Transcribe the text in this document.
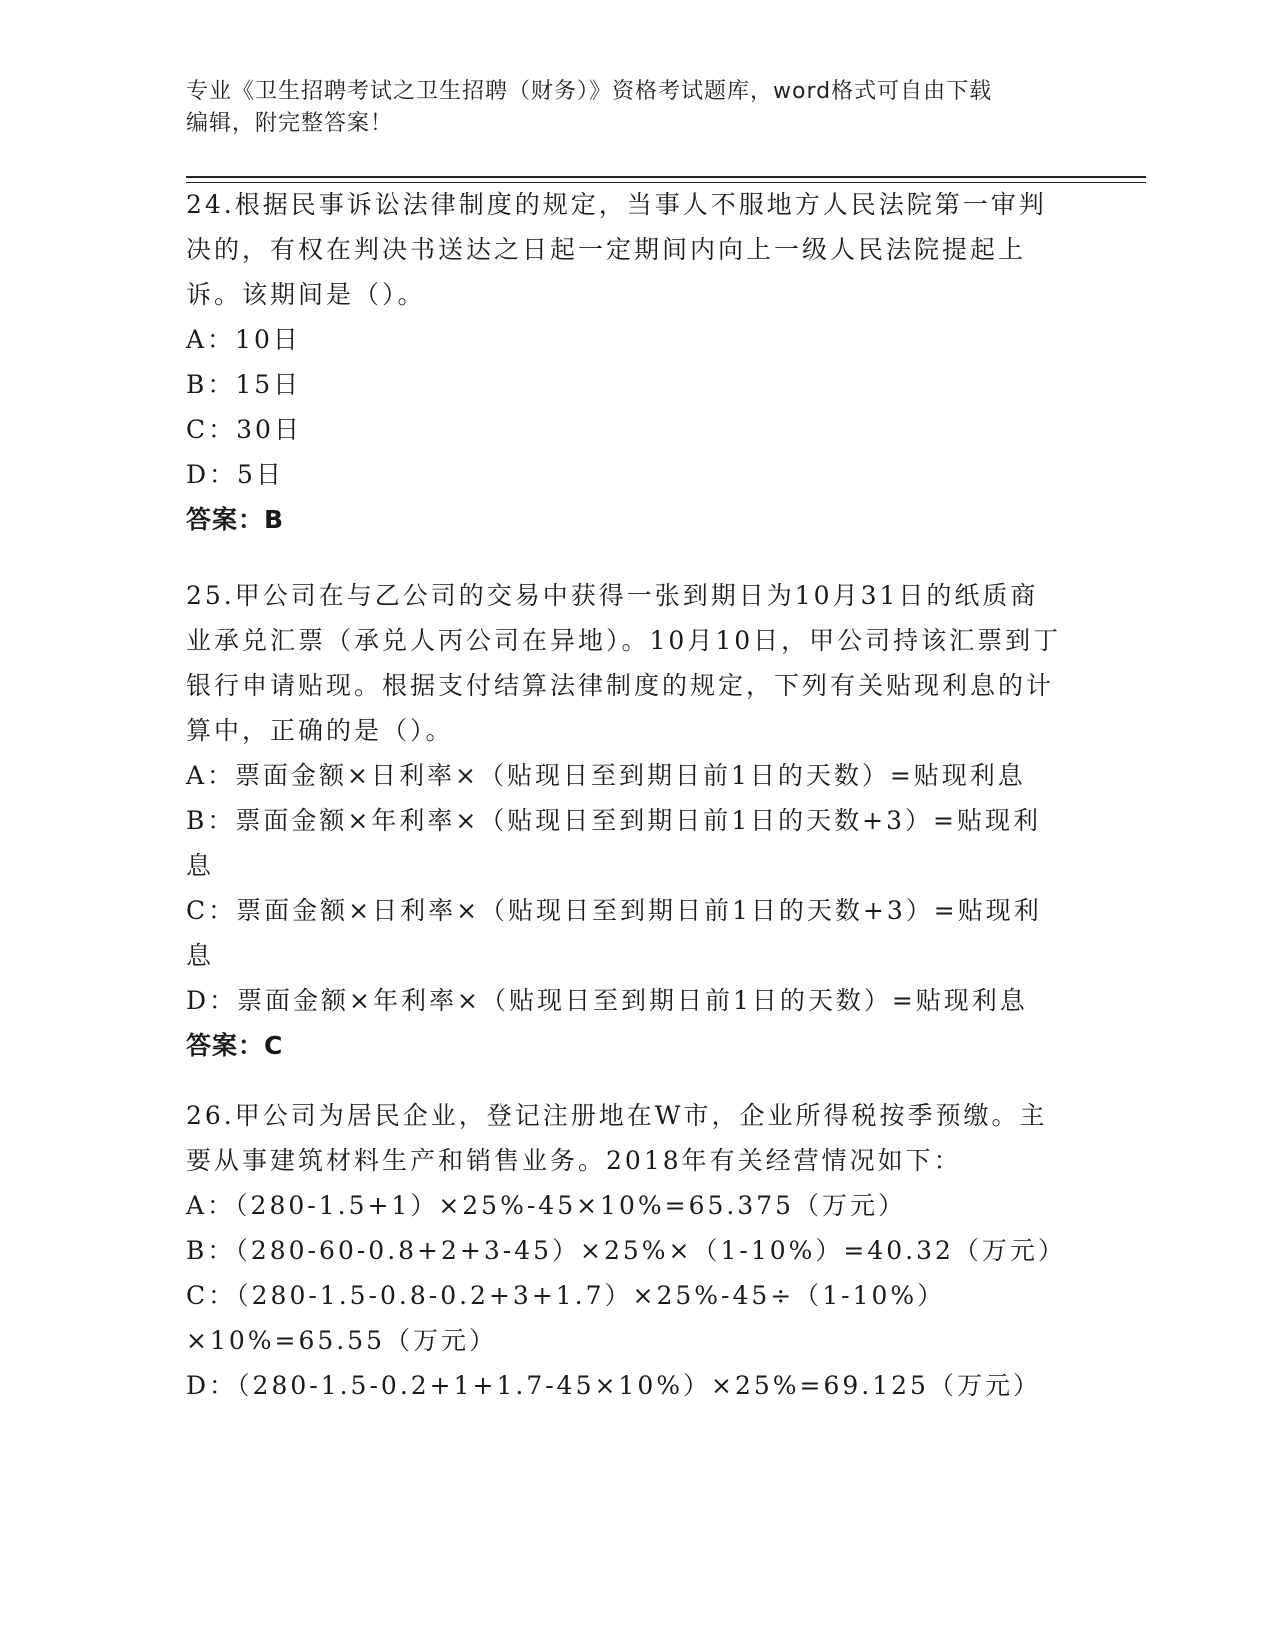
专业《卫生招聘考试之卫生招聘（财务）》资格考试题库，word格式可自由下载
编辑，附完整答案！

24.根据民事诉讼法律制度的规定，当事人不服地方人民法院第一审判决的，有权在判决书送达之日起一定期间内向上一级人民法院提起上诉。该期间是（）。

A：10日

B：15日

C：30日

D：5日

答案：B

25.甲公司在与乙公司的交易中获得一张到期日为10月31日的纸质商业承兑汇票（承兑人丙公司在异地）。10月10日，甲公司持该汇票到丁银行申请贴现。根据支付结算法律制度的规定，下列有关贴现利息的计算中，正确的是（）。

A：票面金额×日利率×（贴现日至到期日前1日的天数）=贴现利息

B：票面金额×年利率×（贴现日至到期日前1日的天数+3）=贴现利息

C：票面金额×日利率×（贴现日至到期日前1日的天数+3）=贴现利息

D：票面金额×年利率×（贴现日至到期日前1日的天数）=贴现利息

答案：C

26.甲公司为居民企业，登记注册地在W市，企业所得税按季预缴。主要从事建筑材料生产和销售业务。2018年有关经营情况如下：

A：（280-1.5+1）×25%-45×10%=65.375（万元）

B：（280-60-0.8+2+3-45）×25%×（1-10%）=40.32（万元）

C：（280-1.5-0.8-0.2+3+1.7）×25%-45÷（1-10%）×10%=65.55（万元）

D：（280-1.5-0.2+1+1.7-45×10%）×25%=69.125（万元）
